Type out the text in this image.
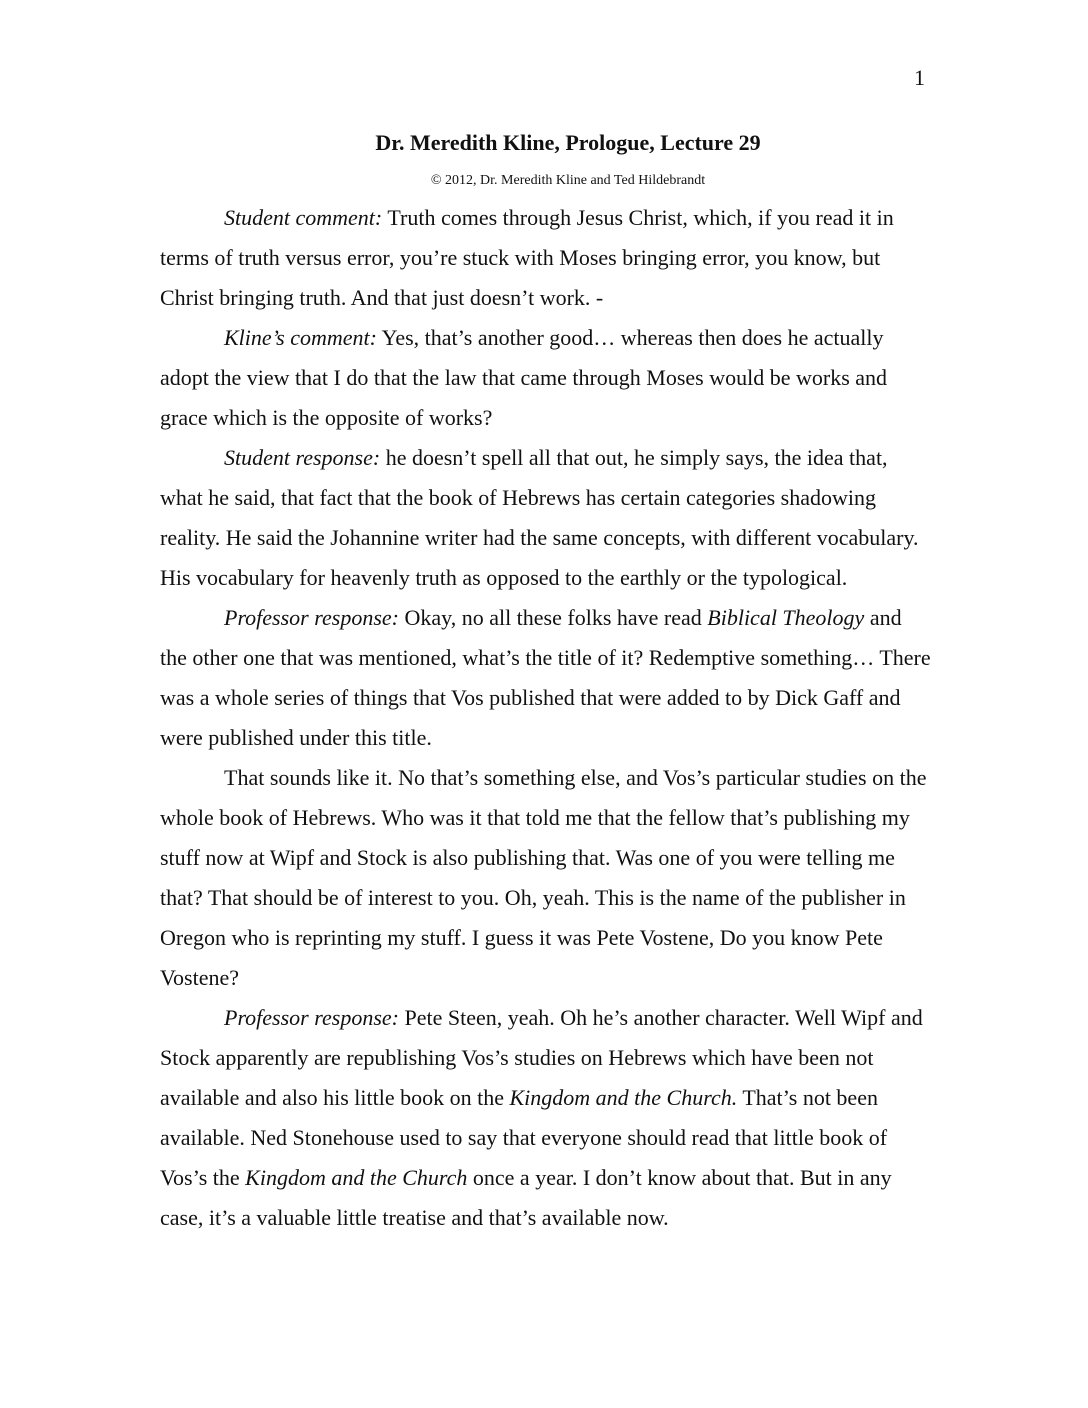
1
Dr. Meredith Kline, Prologue, Lecture 29
© 2012, Dr. Meredith Kline and Ted Hildebrandt

Student comment: Truth comes through Jesus Christ, which, if you read it in terms of truth versus error, you’re stuck with Moses bringing error, you know, but Christ bringing truth. And that just doesn’t work. -

Kline’s comment: Yes, that’s another good… whereas then does he actually adopt the view that I do that the law that came through Moses would be works and grace which is the opposite of works?

Student response: he doesn’t spell all that out, he simply says, the idea that, what he said, that fact that the book of Hebrews has certain categories shadowing reality. He said the Johannine writer had the same concepts, with different vocabulary. His vocabulary for heavenly truth as opposed to the earthly or the typological.

Professor response: Okay, no all these folks have read Biblical Theology and the other one that was mentioned, what’s the title of it? Redemptive something… There was a whole series of things that Vos published that were added to by Dick Gaff and were published under this title.

That sounds like it. No that’s something else, and Vos’s particular studies on the whole book of Hebrews. Who was it that told me that the fellow that’s publishing my stuff now at Wipf and Stock is also publishing that. Was one of you were telling me that? That should be of interest to you. Oh, yeah. This is the name of the publisher in Oregon who is reprinting my stuff. I guess it was Pete Vostene, Do you know Pete Vostene?

Professor response: Pete Steen, yeah. Oh he’s another character. Well Wipf and Stock apparently are republishing Vos’s studies on Hebrews which have been not available and also his little book on the Kingdom and the Church. That’s not been available. Ned Stonehouse used to say that everyone should read that little book of Vos’s the Kingdom and the Church once a year. I don’t know about that. But in any case, it’s a valuable little treatise and that’s available now.
